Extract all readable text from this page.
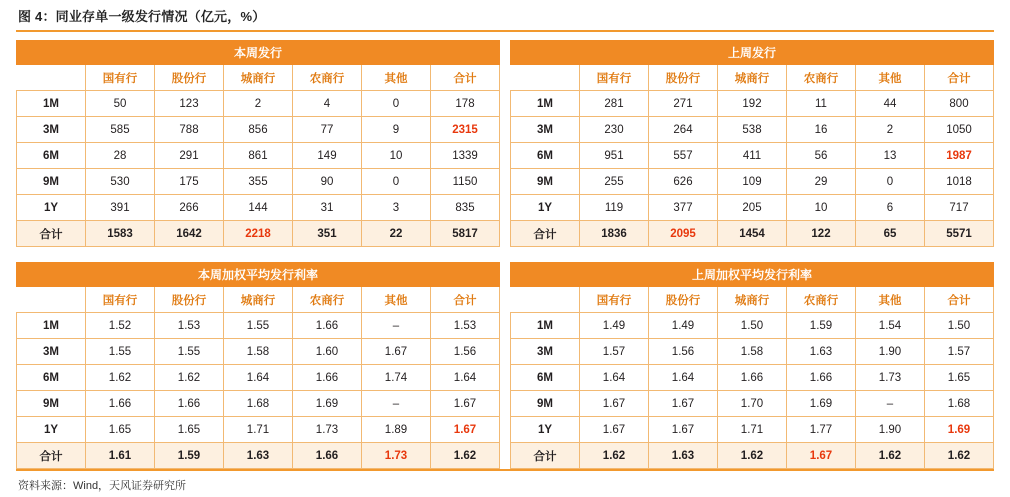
图 4：同业存单一级发行情况（亿元，%）
本周发行						
	国有行	股份行	城商行	农商行	其他	合计
1M	50	123	2	4	0	178
3M	585	788	856	77	9	2315
6M	28	291	861	149	10	1339
9M	530	175	355	90	0	1150
1Y	391	266	144	31	3	835
合计	1583	1642	2218	351	22	5817
上周发行						
	国有行	股份行	城商行	农商行	其他	合计
1M	281	271	192	11	44	800
3M	230	264	538	16	2	1050
6M	951	557	411	56	13	1987
9M	255	626	109	29	0	1018
1Y	119	377	205	10	6	717
合计	1836	2095	1454	122	65	5571
本周加权平均发行利率						
	国有行	股份行	城商行	农商行	其他	合计
1M	1.52	1.53	1.55	1.66	–	1.53
3M	1.55	1.55	1.58	1.60	1.67	1.56
6M	1.62	1.62	1.64	1.66	1.74	1.64
9M	1.66	1.66	1.68	1.69	–	1.67
1Y	1.65	1.65	1.71	1.73	1.89	1.67
合计	1.61	1.59	1.63	1.66	1.73	1.62
上周加权平均发行利率						
	国有行	股份行	城商行	农商行	其他	合计
1M	1.49	1.49	1.50	1.59	1.54	1.50
3M	1.57	1.56	1.58	1.63	1.90	1.57
6M	1.64	1.64	1.66	1.66	1.73	1.65
9M	1.67	1.67	1.70	1.69	–	1.68
1Y	1.67	1.67	1.71	1.77	1.90	1.69
合计	1.62	1.63	1.62	1.67	1.62	1.62
资料来源：Wind，天风证券研究所
